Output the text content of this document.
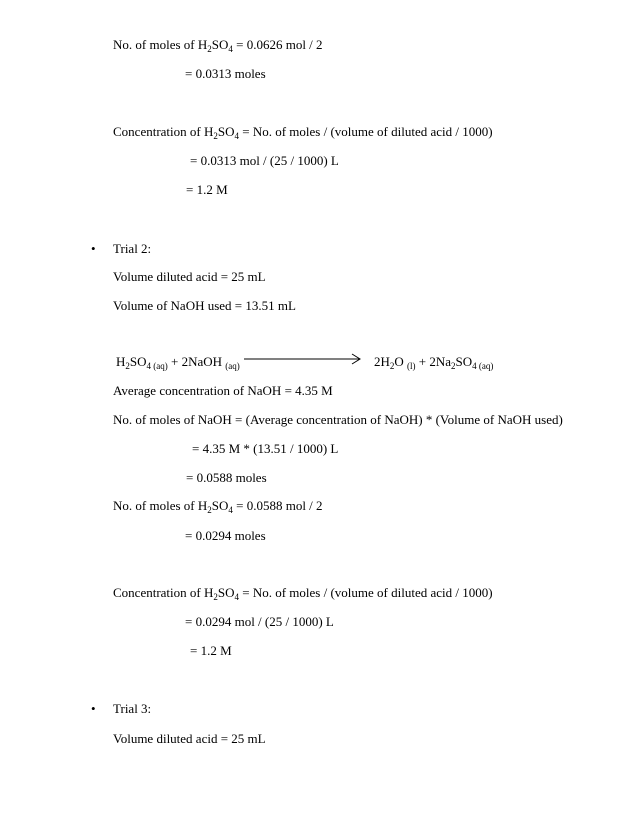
No. of moles of $H_2SO_4 = 0.0626$ mol / 2
= 0.0313 moles
Concentration of $H_2SO_4 = No$. of moles / (volume of diluted acid / 1000)
= 0.0313 mol / (25 / 1000) L
= 1.2 M
• Trial 2:
Volume diluted acid = 25 mL
Volume of NaOH used = 13.51 mL
$H_2SO_{4 (aq)}$ + 2NaOH $_{(aq)}$	$2H_2O$ $_{(l)} + 2Na_2SO_{4 (aq)}$
Average concentration of NaOH = 4.35 M
No. of moles of NaOH = (Average concentration of NaOH) * (Volume of NaOH used)
= 4.35 M * (13.51 / 1000) L
= 0.0588 moles
No. of moles of $H_2SO_4 = 0.0588$ mol / 2
= 0.0294 moles
Concentration of $H_2SO_4 = No$. of moles / (volume of diluted acid / 1000)
= 0.0294 mol / (25 / 1000) L
= 1.2 M
• Trial 3:
Volume diluted acid = 25 mL
